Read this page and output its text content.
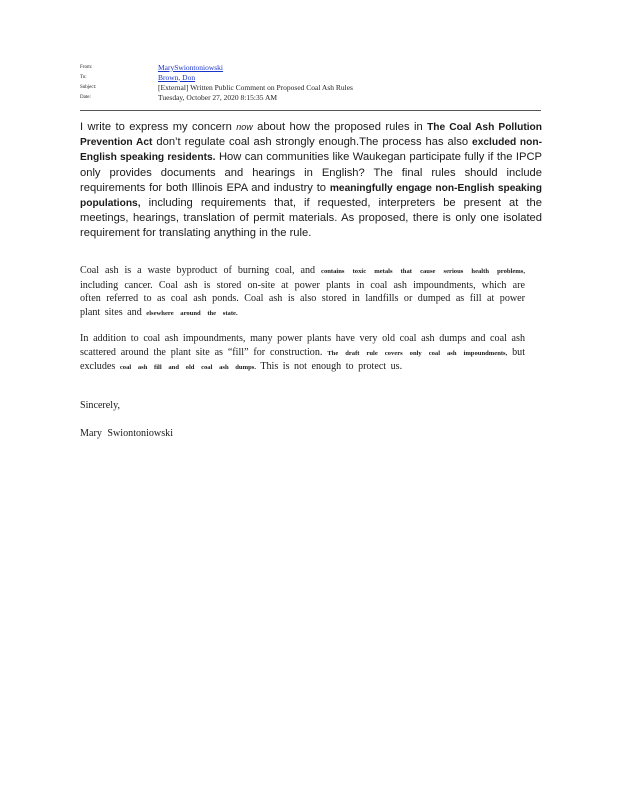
From:	MarySwiontoniowski
To:	Brown, Don
Subject:	[External] Written Public Comment on Proposed Coal Ash Rules
Date:	Tuesday, October 27, 2020 8:15:35 AM
I write to express my concern now about how the proposed rules in The Coal Ash Pollution Prevention Act don’t regulate coal ash strongly enough.The process has also excluded non-English speaking residents. How can communities like Waukegan participate fully if the IPCP only provides documents and hearings in English? The final rules should include requirements for both Illinois EPA and industry to meaningfully engage non-English speaking populations, including requirements that, if requested, interpreters be present at the meetings, hearings, translation of permit materials. As proposed, there is only one isolated requirement for translating anything in the rule.
Coal ash is a waste byproduct of burning coal, and contains toxic metals that cause serious health problems, including cancer. Coal ash is stored on-site at power plants in coal ash impoundments, which are often referred to as coal ash ponds. Coal ash is also stored in landfills or dumped as fill at power plant sites and elsewhere around the state.
In addition to coal ash impoundments, many power plants have very old coal ash dumps and coal ash scattered around the plant site as “fill” for construction. The draft rule covers only coal ash impoundments, but excludes coal ash fill and old coal ash dumps. This is not enough to protect us.
Sincerely,
Mary Swiontoniowski
